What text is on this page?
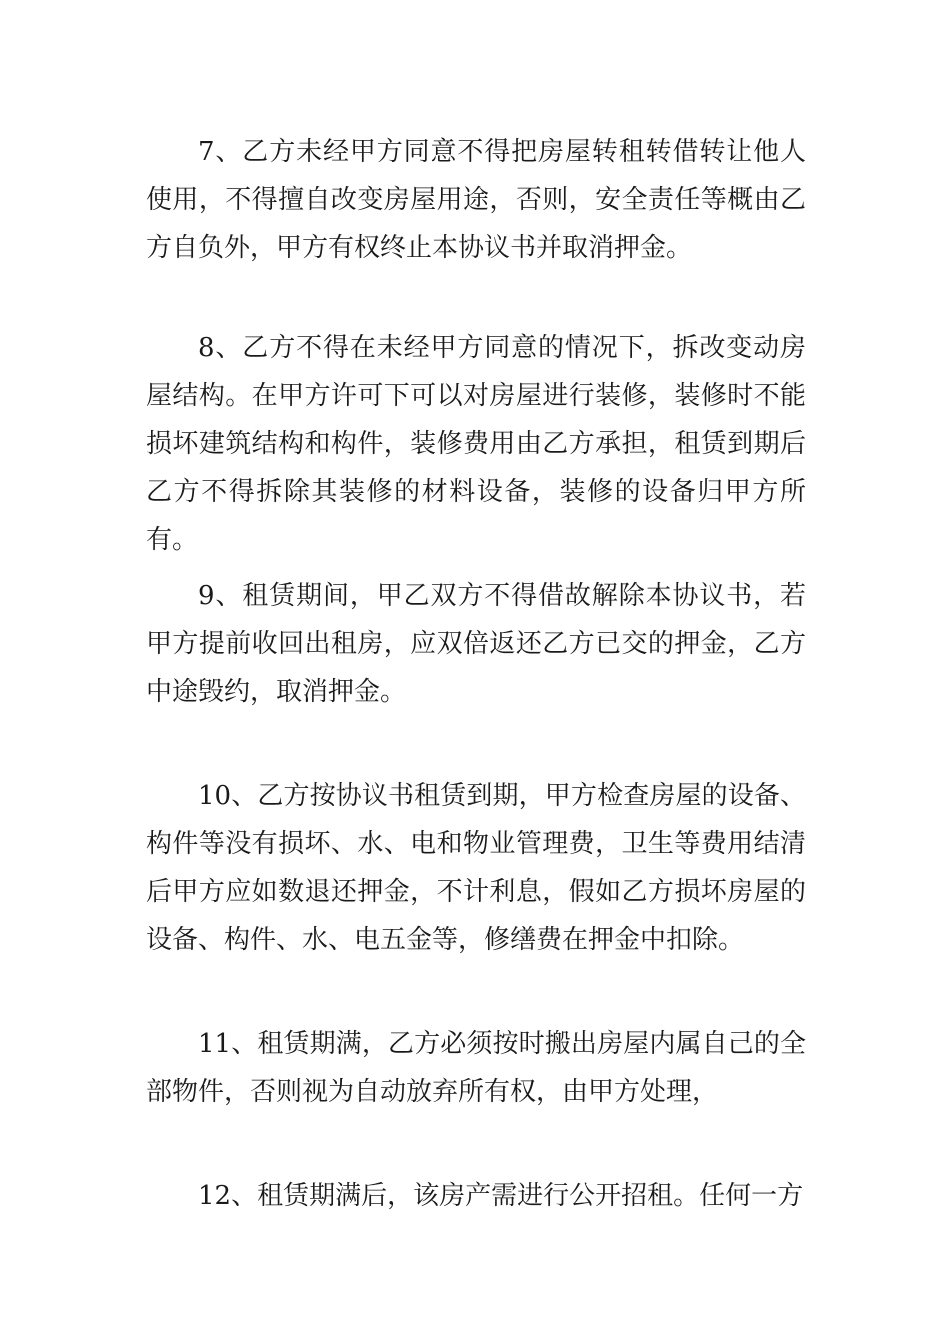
7、乙方未经甲方同意不得把房屋转租转借转让他人使用，不得擅自改变房屋用途，否则，安全责任等概由乙方自负外，甲方有权终止本协议书并取消押金。

8、乙方不得在未经甲方同意的情况下，拆改变动房屋结构。在甲方许可下可以对房屋进行装修，装修时不能损坏建筑结构和构件，装修费用由乙方承担，租赁到期后乙方不得拆除其装修的材料设备，装修的设备归甲方所有。

9、租赁期间，甲乙双方不得借故解除本协议书，若甲方提前收回出租房，应双倍返还乙方已交的押金，乙方中途毁约，取消押金。

10、乙方按协议书租赁到期，甲方检查房屋的设备、构件等没有损坏、水、电和物业管理费，卫生等费用结清后甲方应如数退还押金，不计利息，假如乙方损坏房屋的设备、构件、水、电五金等，修缮费在押金中扣除。

11、租赁期满，乙方必须按时搬出房屋内属自己的全部物件，否则视为自动放弃所有权，由甲方处理，

12、租赁期满后，该房产需进行公开招租。任何一方
